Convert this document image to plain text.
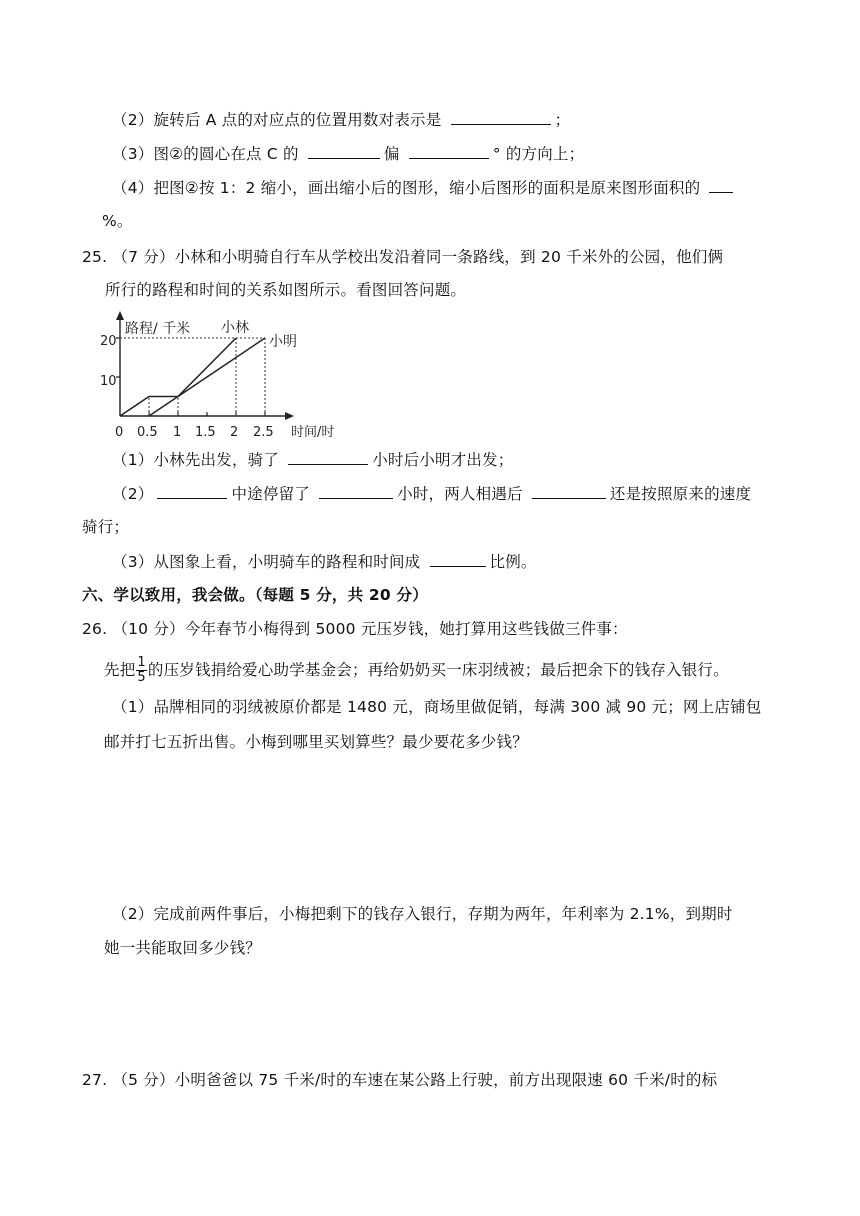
（2）旋转后 A 点的对应点的位置用数对表示是	；
（3）图②的圆心在点 C 的	偏	° 的方向上；
（4）把图②按 1：2 缩小，画出缩小后的图形，缩小后图形的面积是原来图形面积的
%。
25. （7 分）小林和小明骑自行车从学校出发沿着同一条路线，到 20 千米外的公园，他们俩
所行的路程和时间的关系如图所示。看图回答问题。
路程/ 千米
时间/时
20
10
0 0.5 1 1.5 2 2.5
小林
小明
（1）小林先出发，骑了	小时后小明才出发；
（2）	中途停留了	小时，两人相遇后	还是按照原来的速度
骑行；
（3）从图象上看，小明骑车的路程和时间成	比例。
六、学以致用，我会做。（每题 5 分，共 20 分）
26. （10 分）今年春节小梅得到 5000 元压岁钱，她打算用这些钱做三件事：
先把 $\frac{1}{5}$ 的压岁钱捐给爱心助学基金会；再给奶奶买一床羽绒被；最后把余下的钱存入银行。
（1）品牌相同的羽绒被原价都是 1480 元，商场里做促销，每满 300 减 90 元；网上店铺包
邮并打七五折出售。小梅到哪里买划算些？最少要花多少钱？
（2）完成前两件事后，小梅把剩下的钱存入银行，存期为两年，年利率为 2.1%，到期时
她一共能取回多少钱？
27. （5 分）小明爸爸以 75 千米/时的车速在某公路上行驶，前方出现限速 60 千米/时的标
